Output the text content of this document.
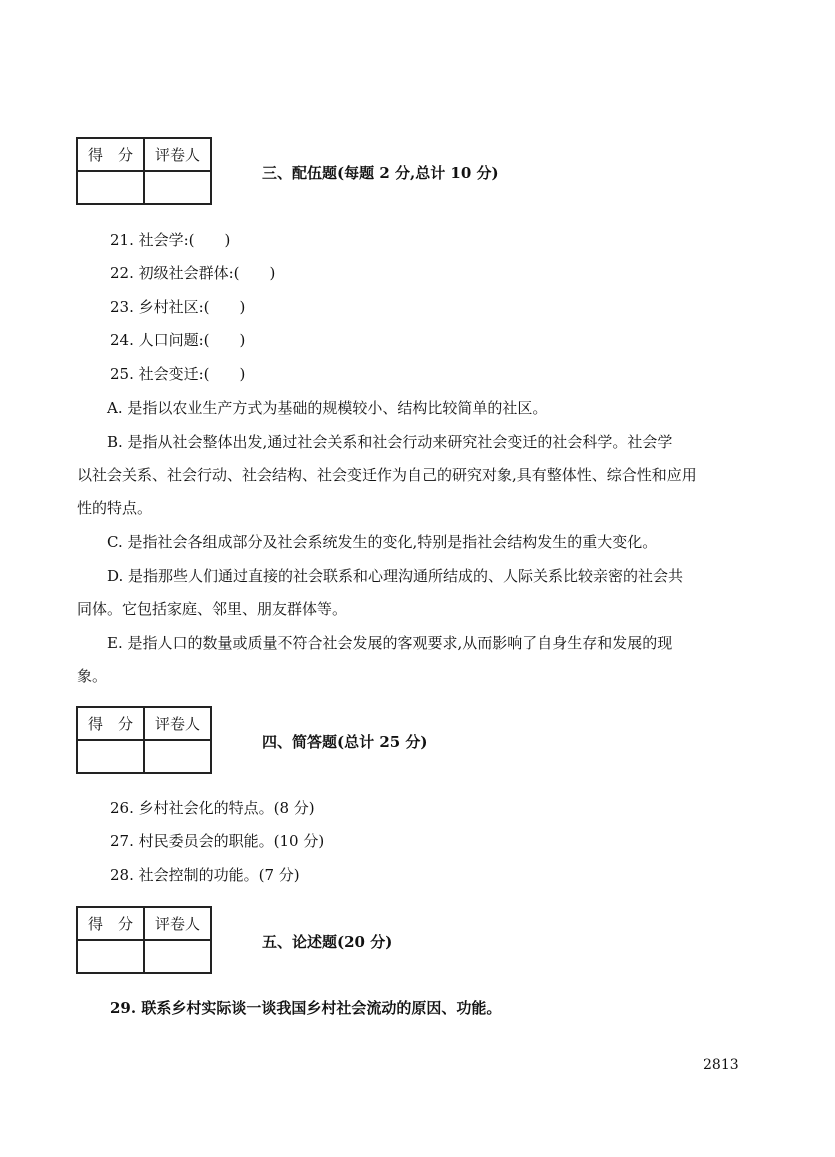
得　分	评卷人

三、配伍题(每题 2 分,总计 10 分)
21. 社会学:(　　)
22. 初级社会群体:(　　)
23. 乡村社区:(　　)
24. 人口问题:(　　)
25. 社会变迁:(　　)
A. 是指以农业生产方式为基础的规模较小、结构比较简单的社区。
B. 是指从社会整体出发,通过社会关系和社会行动来研究社会变迁的社会科学。社会学
以社会关系、社会行动、社会结构、社会变迁作为自己的研究对象,具有整体性、综合性和应用
性的特点。
C. 是指社会各组成部分及社会系统发生的变化,特别是指社会结构发生的重大变化。
D. 是指那些人们通过直接的社会联系和心理沟通所结成的、人际关系比较亲密的社会共
同体。它包括家庭、邻里、朋友群体等。
E. 是指人口的数量或质量不符合社会发展的客观要求,从而影响了自身生存和发展的现
象。
得　分	评卷人

四、简答题(总计 25 分)
26. 乡村社会化的特点。(8 分)
27. 村民委员会的职能。(10 分)
28. 社会控制的功能。(7 分)
得　分	评卷人

五、论述题(20 分)
29. 联系乡村实际谈一谈我国乡村社会流动的原因、功能。
2813
